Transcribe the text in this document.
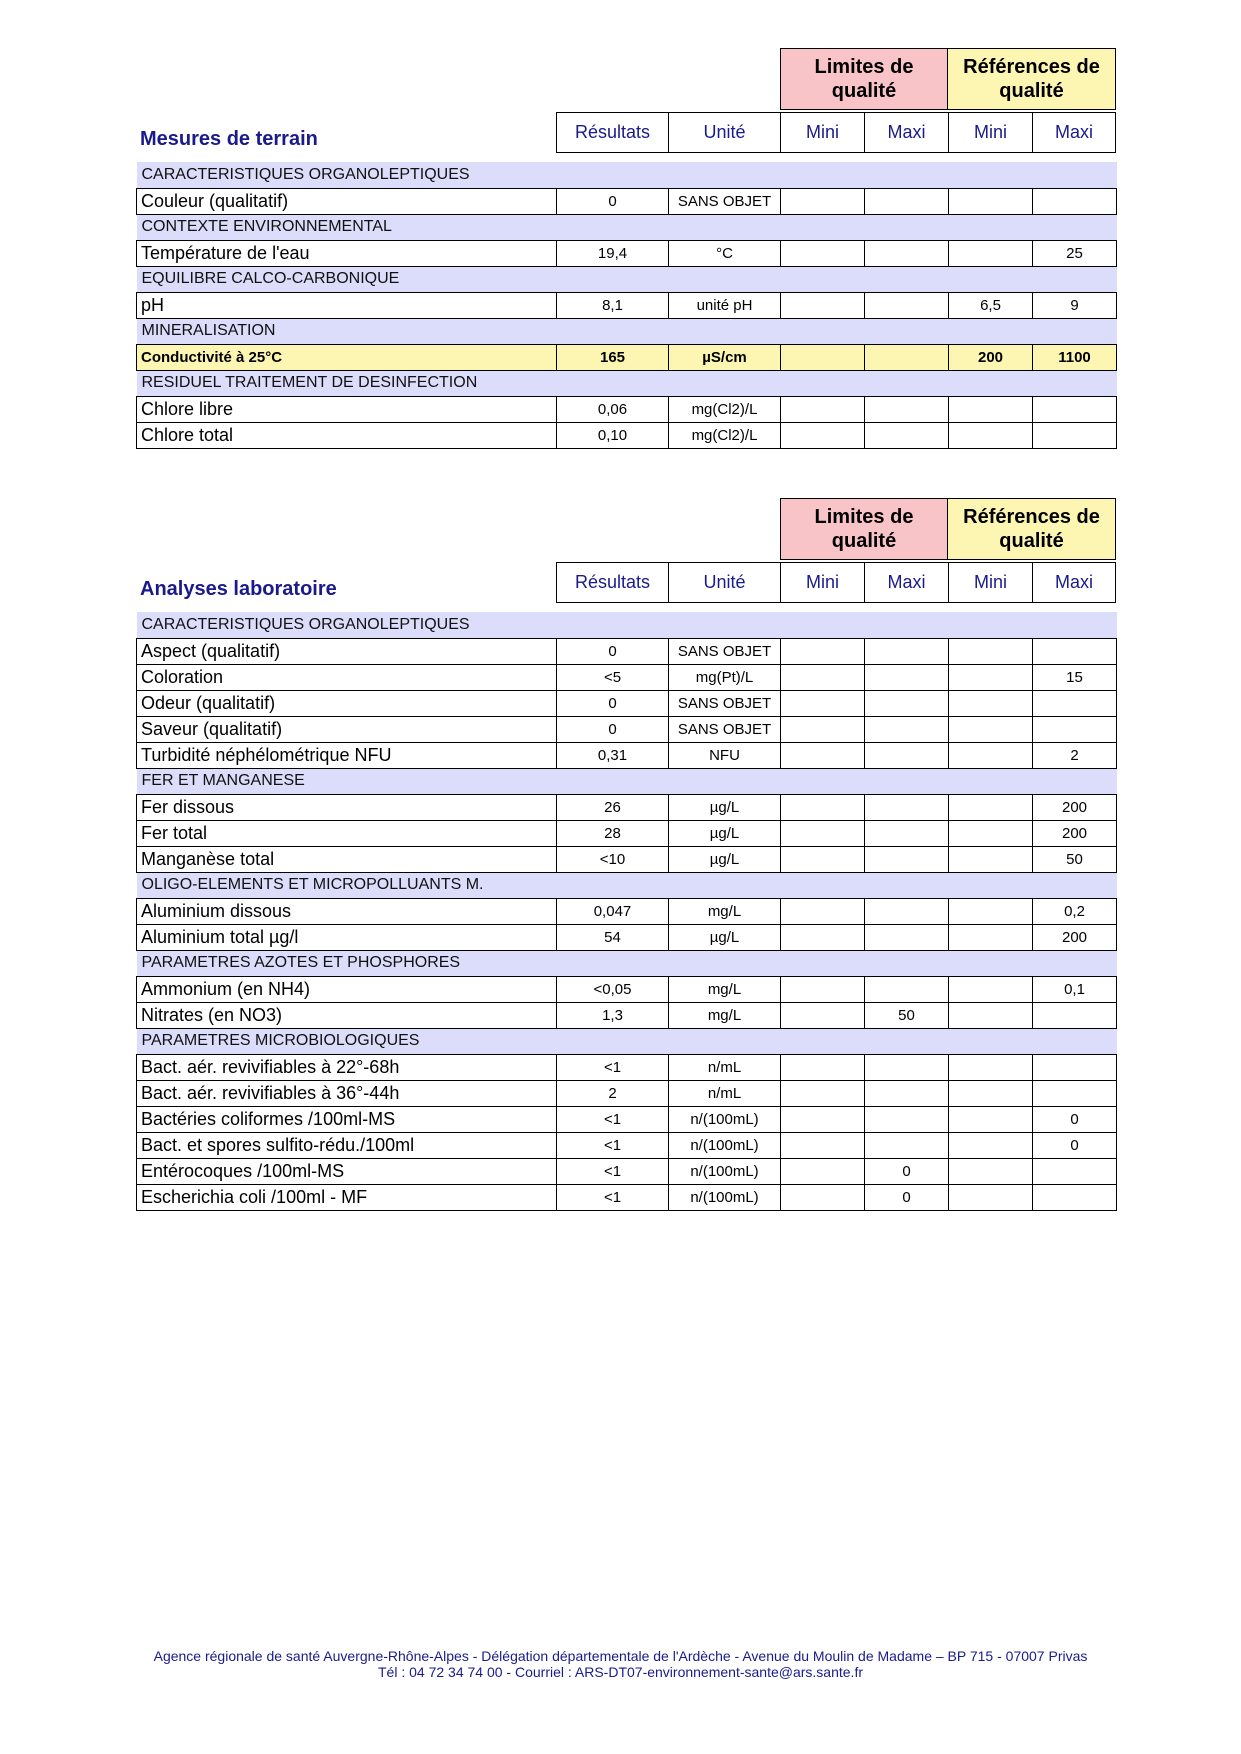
Limites de qualité
Références de qualité
Mesures de terrain	Résultats	Unité	Mini	Maxi	Mini	Maxi
CARACTERISTIQUES ORGANOLEPTIQUES						
Couleur (qualitatif)	0	SANS OBJET				
CONTEXTE ENVIRONNEMENTAL						
Température de l'eau	19,4	°C				25
EQUILIBRE CALCO-CARBONIQUE						
pH	8,1	unité pH			6,5	9
MINERALISATION						
Conductivité à 25°C	165	µS/cm			200	1100
RESIDUEL TRAITEMENT DE DESINFECTION						
Chlore libre	0,06	mg(Cl2)/L				
Chlore total	0,10	mg(Cl2)/L				
Limites de qualité
Références de qualité
Analyses laboratoire	Résultats	Unité	Mini	Maxi	Mini	Maxi
CARACTERISTIQUES ORGANOLEPTIQUES						
Aspect (qualitatif)	0	SANS OBJET				
Coloration	<5	mg(Pt)/L				15
Odeur (qualitatif)	0	SANS OBJET				
Saveur (qualitatif)	0	SANS OBJET				
Turbidité néphélométrique NFU	0,31	NFU				2
FER ET MANGANESE						
Fer dissous	26	µg/L				200
Fer total	28	µg/L				200
Manganèse total	<10	µg/L				50
OLIGO-ELEMENTS ET MICROPOLLUANTS M.						
Aluminium dissous	0,047	mg/L				0,2
Aluminium total µg/l	54	µg/L				200
PARAMETRES AZOTES ET PHOSPHORES						
Ammonium (en NH4)	<0,05	mg/L				0,1
Nitrates (en NO3)	1,3	mg/L		50		
PARAMETRES MICROBIOLOGIQUES						
Bact. aér. revivifiables à 22°-68h	<1	n/mL				
Bact. aér. revivifiables à 36°-44h	2	n/mL				
Bactéries coliformes /100ml-MS	<1	n/(100mL)				0
Bact. et spores sulfito-rédu./100ml	<1	n/(100mL)				0
Entérocoques /100ml-MS	<1	n/(100mL)		0		
Escherichia coli /100ml - MF	<1	n/(100mL)		0		
Agence régionale de santé Auvergne-Rhône-Alpes - Délégation départementale de l'Ardèche - Avenue du Moulin de Madame – BP 715 - 07007 Privas
Tél : 04 72 34 74 00 - Courriel : ARS-DT07-environnement-sante@ars.sante.fr
